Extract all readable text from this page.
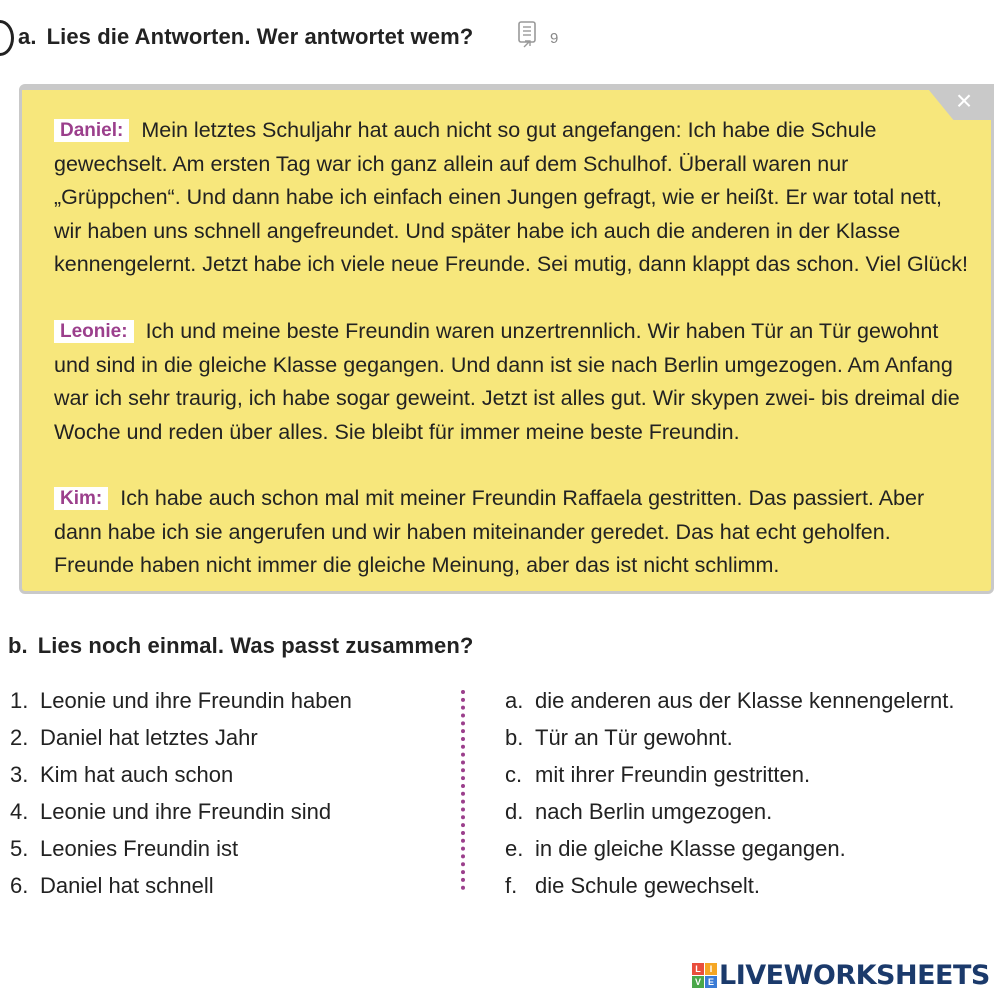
a. Lies die Antworten. Wer antwortet wem?	9
×
Daniel: Mein letztes Schuljahr hat auch nicht so gut angefangen: Ich habe die Schule gewechselt. Am ersten Tag war ich ganz allein auf dem Schulhof. Überall waren nur „Grüppchen“. Und dann habe ich einfach einen Jungen gefragt, wie er heißt. Er war total nett, wir haben uns schnell angefreundet. Und später habe ich auch die anderen in der Klasse kennengelernt. Jetzt habe ich viele neue Freunde. Sei mutig, dann klappt das schon. Viel Glück!
Leonie: Ich und meine beste Freundin waren unzertrennlich. Wir haben Tür an Tür gewohnt und sind in die gleiche Klasse gegangen. Und dann ist sie nach Berlin umgezogen. Am Anfang war ich sehr traurig, ich habe sogar geweint. Jetzt ist alles gut. Wir skypen zwei- bis dreimal die Woche und reden über alles. Sie bleibt für immer meine beste Freundin.
Kim: Ich habe auch schon mal mit meiner Freundin Raffaela gestritten. Das passiert. Aber dann habe ich sie angerufen und wir haben miteinander geredet. Das hat echt geholfen. Freunde haben nicht immer die gleiche Meinung, aber das ist nicht schlimm.
b. Lies noch einmal. Was passt zusammen?
1. Leonie und ihre Freundin haben
2. Daniel hat letztes Jahr
3. Kim hat auch schon
4. Leonie und ihre Freundin sind
5. Leonies Freundin ist
6. Daniel hat schnell
a. die anderen aus der Klasse kennengelernt.
b. Tür an Tür gewohnt.
c. mit ihrer Freundin gestritten.
d. nach Berlin umgezogen.
e. in die gleiche Klasse gegangen.
f. die Schule gewechselt.
L I
V E LIVEWORKSHEETS
